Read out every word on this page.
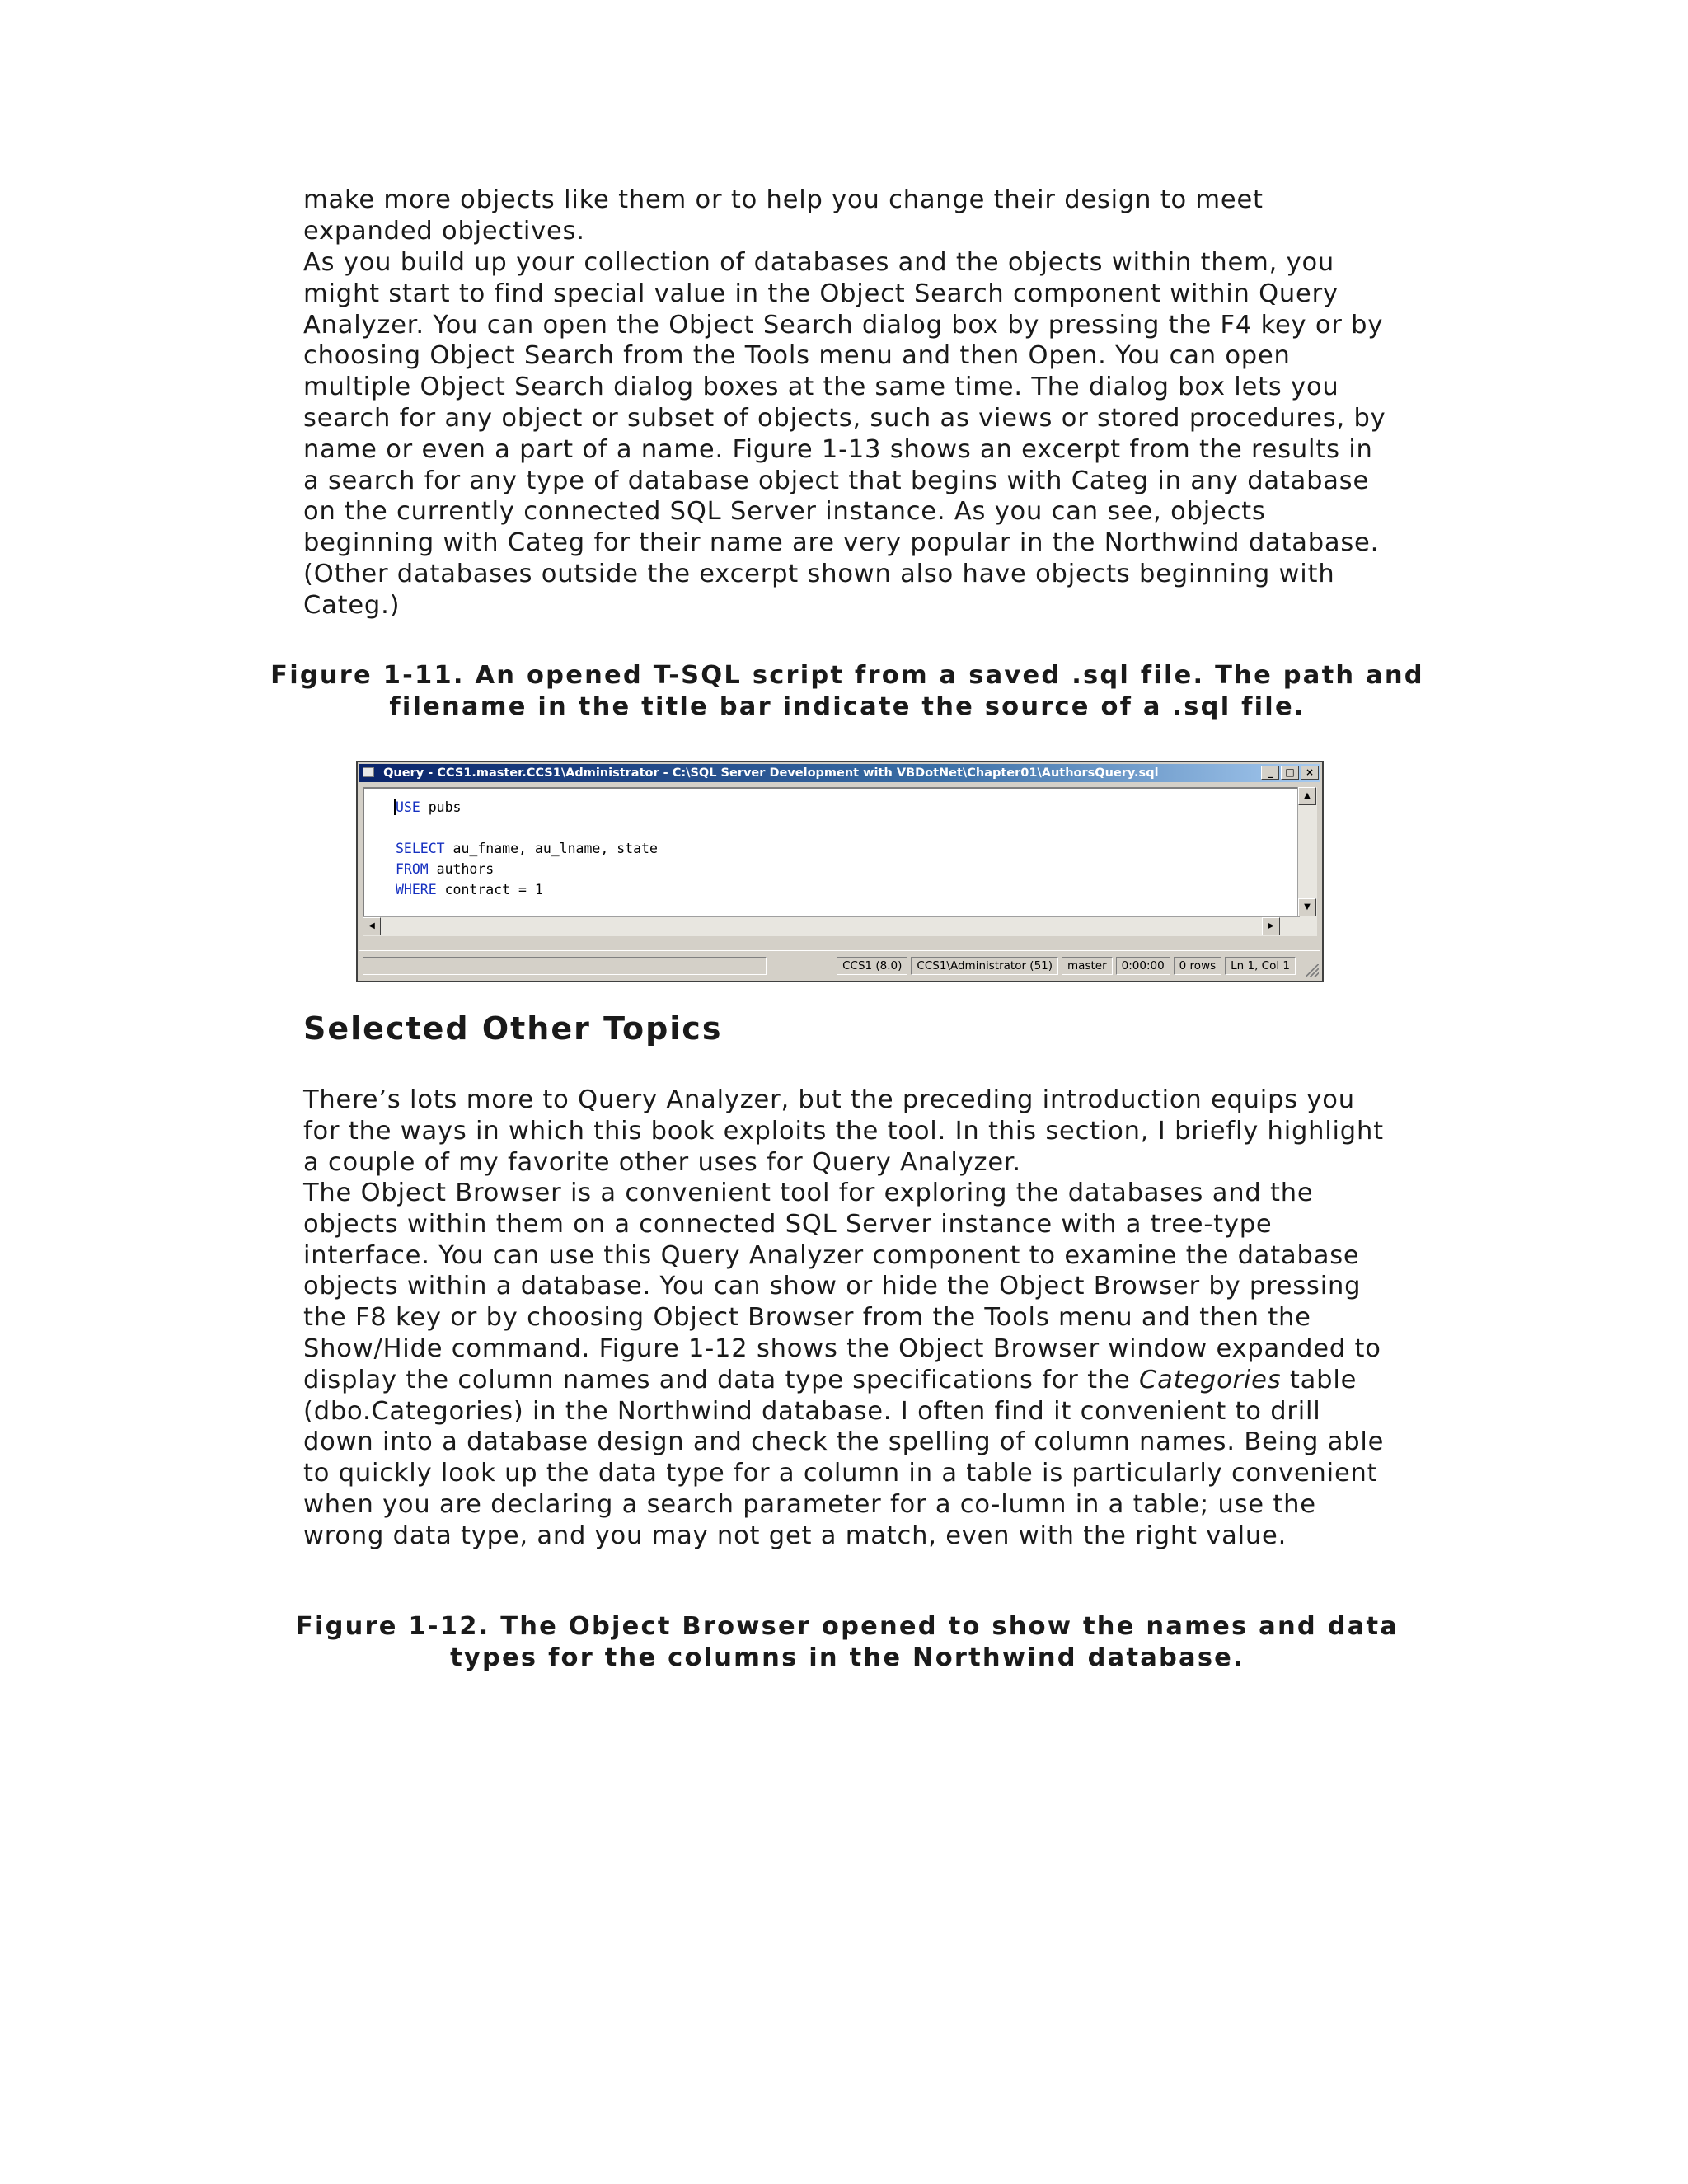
make more objects like them or to help you change their design to meet expanded objectives.

As you build up your collection of databases and the objects within them, you might start to find special value in the Object Search component within Query Analyzer. You can open the Object Search dialog box by pressing the F4 key or by choosing Object Search from the Tools menu and then Open. You can open multiple Object Search dialog boxes at the same time. The dialog box lets you search for any object or subset of objects, such as views or stored procedures, by name or even a part of a name. Figure 1-13 shows an excerpt from the results in a search for any type of database object that begins with Categ in any database on the currently connected SQL Server instance. As you can see, objects beginning with Categ for their name are very popular in the Northwind database. (Other databases outside the excerpt shown also have objects beginning with Categ.)

Figure 1-11. An opened T-SQL script from a saved .sql file. The path and

filename in the title bar indicate the source of a .sql file.

Query - CCS1.master.CCS1\Administrator - C:\SQL Server Development with VBDotNet\Chapter01\AuthorsQuery.sql	_	□	×
USE pubs

SELECT au_fname, au_lname, state
FROM authors
WHERE contract = 1
▲
▼
◀	▶
CCS1 (8.0)	CCS1\Administrator (51)	master	0:00:00	0 rows	Ln 1, Col 1
Selected Other Topics

There’s lots more to Query Analyzer, but the preceding introduction equips you for the ways in which this book exploits the tool. In this section, I briefly highlight a couple of my favorite other uses for Query Analyzer.

The Object Browser is a convenient tool for exploring the databases and the objects within them on a connected SQL Server instance with a tree-type interface. You can use this Query Analyzer component to examine the database objects within a database. You can show or hide the Object Browser by pressing the F8 key or by choosing Object Browser from the Tools menu and then the Show/Hide command. Figure 1-12 shows the Object Browser window expanded to display the column names and data type specifications for the Categories table (dbo.Categories) in the Northwind database. I often find it convenient to drill down into a database design and check the spelling of column names. Being able to quickly look up the data type for a column in a table is particularly convenient when you are declaring a search parameter for a co-lumn in a table; use the wrong data type, and you may not get a match, even with the right value.

Figure 1-12. The Object Browser opened to show the names and data

types for the columns in the Northwind database.
